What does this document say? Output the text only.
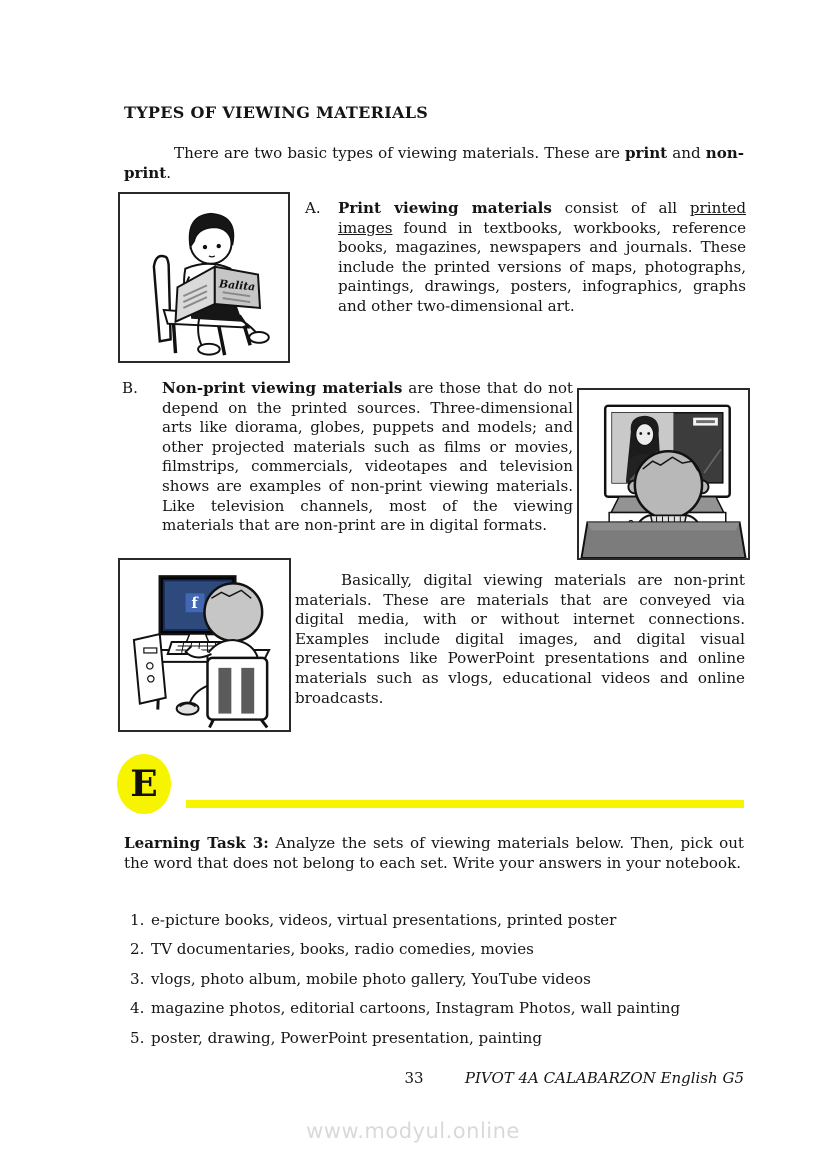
TYPES OF VIEWING MATERIALS

There are two basic types of viewing materials. These are print and non-print.

Balita
A. Print viewing materials consist of all printed images found in textbooks, workbooks, reference books, magazines, newspapers and journals. These include the printed versions of maps, photographs, paintings, drawings, posters, infographics, graphs and other two-dimensional art.

B. Non-print viewing materials are those that do not depend on the printed sources. Three-dimensional arts like diorama, globes, puppets and models; and other projected materials such as films or movies, filmstrips, commercials, videotapes and television shows are examples of non-print viewing materials. Like television channels, most of the viewing materials that are non-print are in digital formats.

f

Basically, digital viewing materials are non-print materials. These are materials that are conveyed via digital media, with or without internet connections. Examples include digital images, and digital visual presentations like PowerPoint presentations and online materials such as vlogs, educational videos and online broadcasts.

E

Learning Task 3: Analyze the sets of viewing materials below. Then, pick out the word that does not belong to each set. Write your answers in your notebook.

1. e-picture books, videos, virtual presentations, printed poster
2. TV documentaries, books, radio comedies, movies
3. vlogs, photo album, mobile photo gallery, YouTube videos
4. magazine photos, editorial cartoons, Instagram Photos, wall painting
5. poster, drawing, PowerPoint presentation, painting
33	PIVOT 4A CALABARZON English G5
www.modyul.online
